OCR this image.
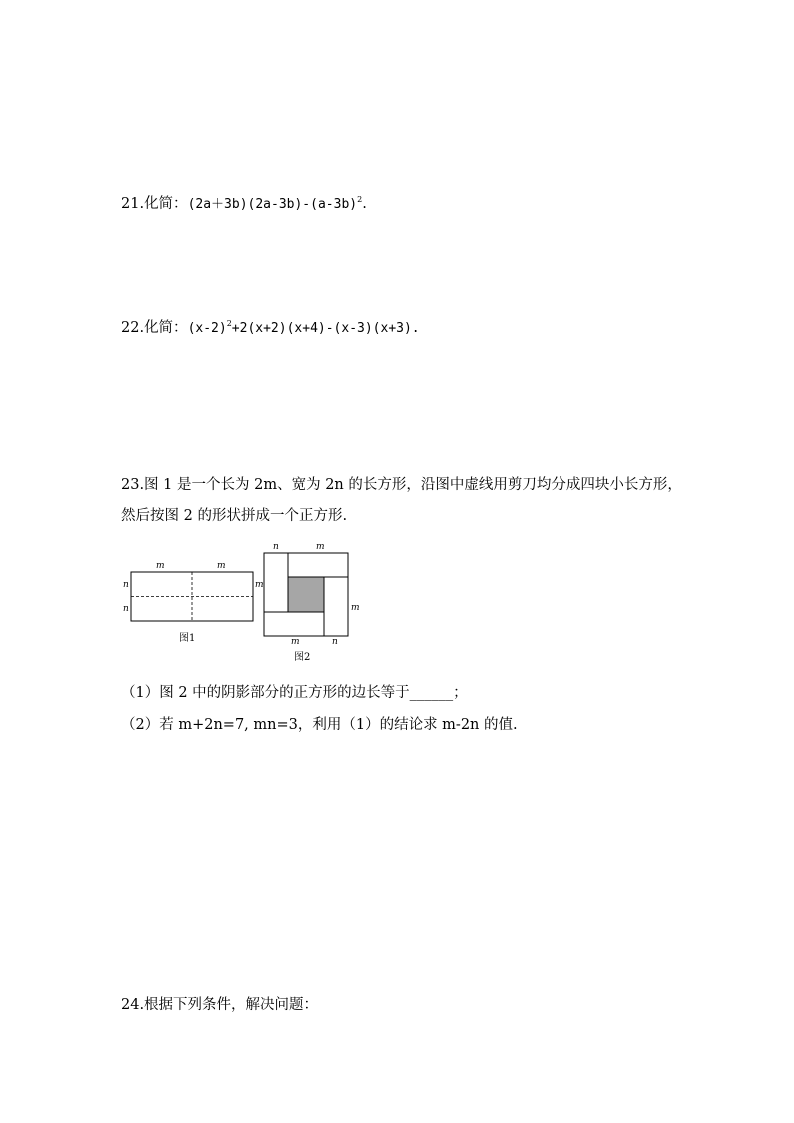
21.化简：$(2a+3b)(2a-3b)-(a-3b)^2$.
22.化简：$(x-2)^2+2(x+2)(x+4)-(x-3)(x+3)$.
23.图 1 是一个长为 2m、宽为 2n 的长方形，沿图中虚线用剪刀均分成四块小长方形，
然后按图 2 的形状拼成一个正方形.
m	m
n
n
图1
n	m
m
m
m	n
图2
（1）图 2 中的阴影部分的正方形的边长等于______；
（2）若 m+2n=7, mn=3，利用（1）的结论求 m-2n 的值.
24.根据下列条件，解决问题：
